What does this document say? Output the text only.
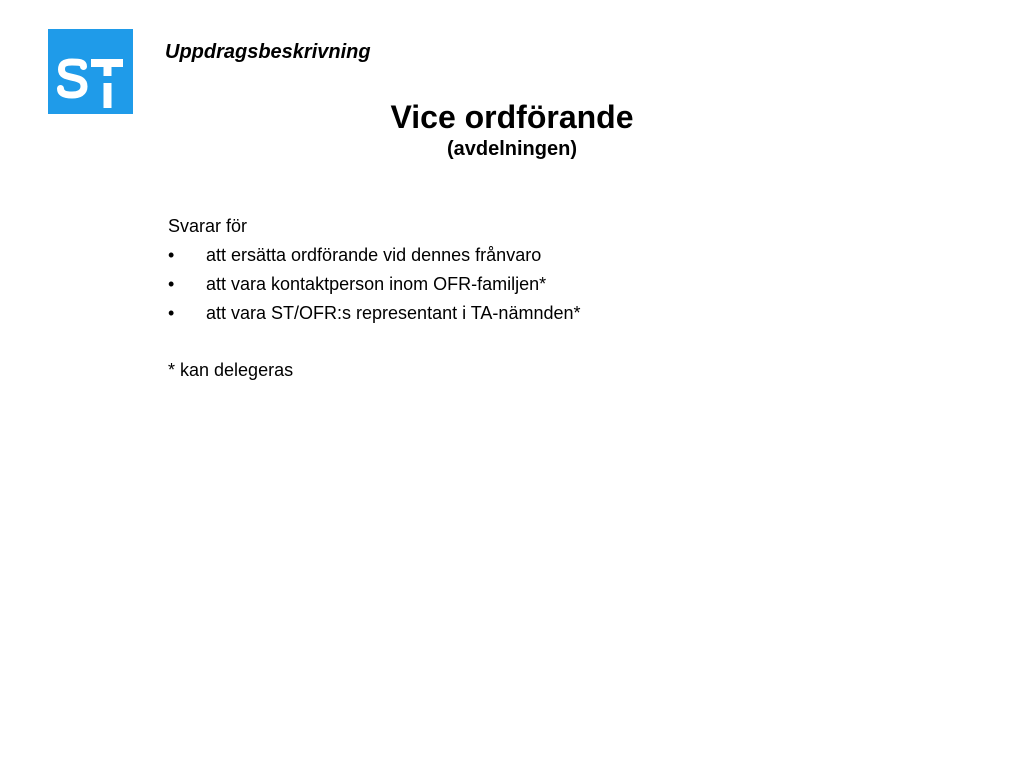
Uppdragsbeskrivning
Vice ordförande
(avdelningen)
Svarar för
• att ersätta ordförande vid dennes frånvaro
• att vara kontaktperson inom OFR-familjen*
• att vara ST/OFR:s representant i TA-nämnden*
* kan delegeras
